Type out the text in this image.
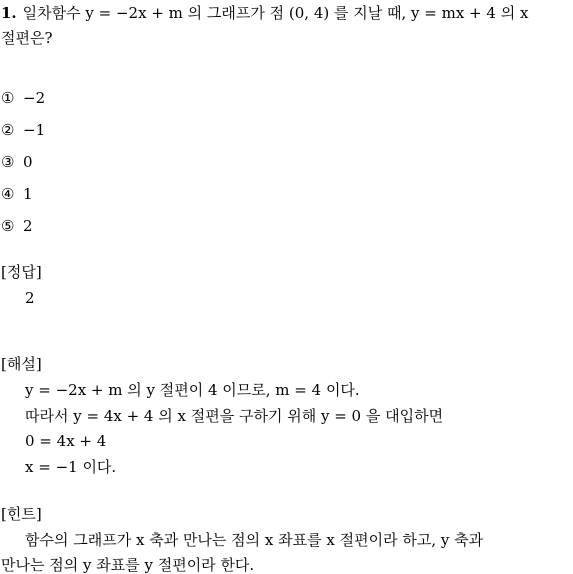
1. 일차함수 y = −2x + m 의 그래프가 점 (0, 4) 를 지날 때, y = mx + 4 의 x
절편은?
① −2
② −1
③ 0
④ 1
⑤ 2
[정답]
2
[해설]
y = −2x + m 의 y 절편이 4 이므로, m = 4 이다.
따라서 y = 4x + 4 의 x 절편을 구하기 위해 y = 0 을 대입하면
0 = 4x + 4
x = −1 이다.
[힌트]
함수의 그래프가 x 축과 만나는 점의 x 좌표를 x 절편이라 하고, y 축과
만나는 점의 y 좌표를 y 절편이라 한다.
